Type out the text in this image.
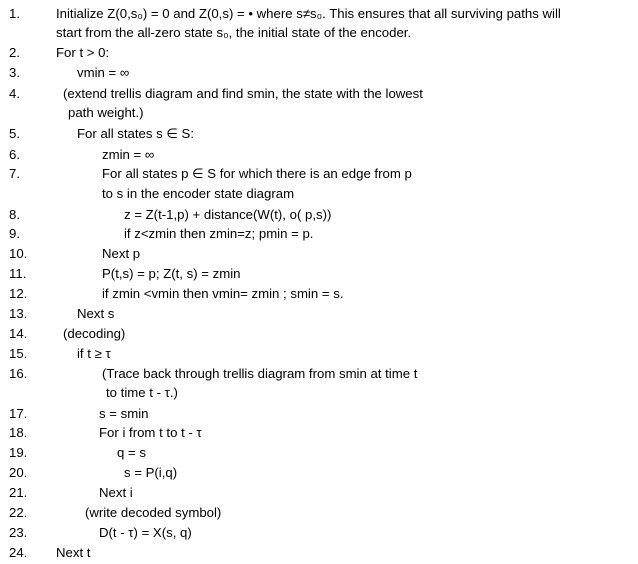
1.	Initialize Z(0,s₀) = 0 and Z(0,s) = • where s≠s₀. This ensures that all surviving paths will
start from the all-zero state s₀, the initial state of the encoder.
2.	For t > 0:
3.	vmin = ∞
4.	(extend trellis diagram and find smin, the state with the lowest
path weight.)
5.	For all states s ∈ S:
6.	zmin = ∞
7.	For all states p ∈ S for which there is an edge from p
to s in the encoder state diagram
8.	z = Z(t-1,p) + distance(W(t), o( p,s))
9.	if z<zmin then zmin=z; pmin = p.
10.	Next p
11.	P(t,s) = p; Z(t, s) = zmin
12.	if zmin <vmin then vmin= zmin ; smin = s.
13.	Next s
14.	(decoding)
15.	if t ≥ τ
16.	(Trace back through trellis diagram from smin at time t
to time t - τ.)
17.	s = smin
18.	For i from t to t - τ
19.	q = s
20.	s = P(i,q)
21.	Next i
22.	(write decoded symbol)
23.	D(t - τ) = X(s, q)
24. Next t
